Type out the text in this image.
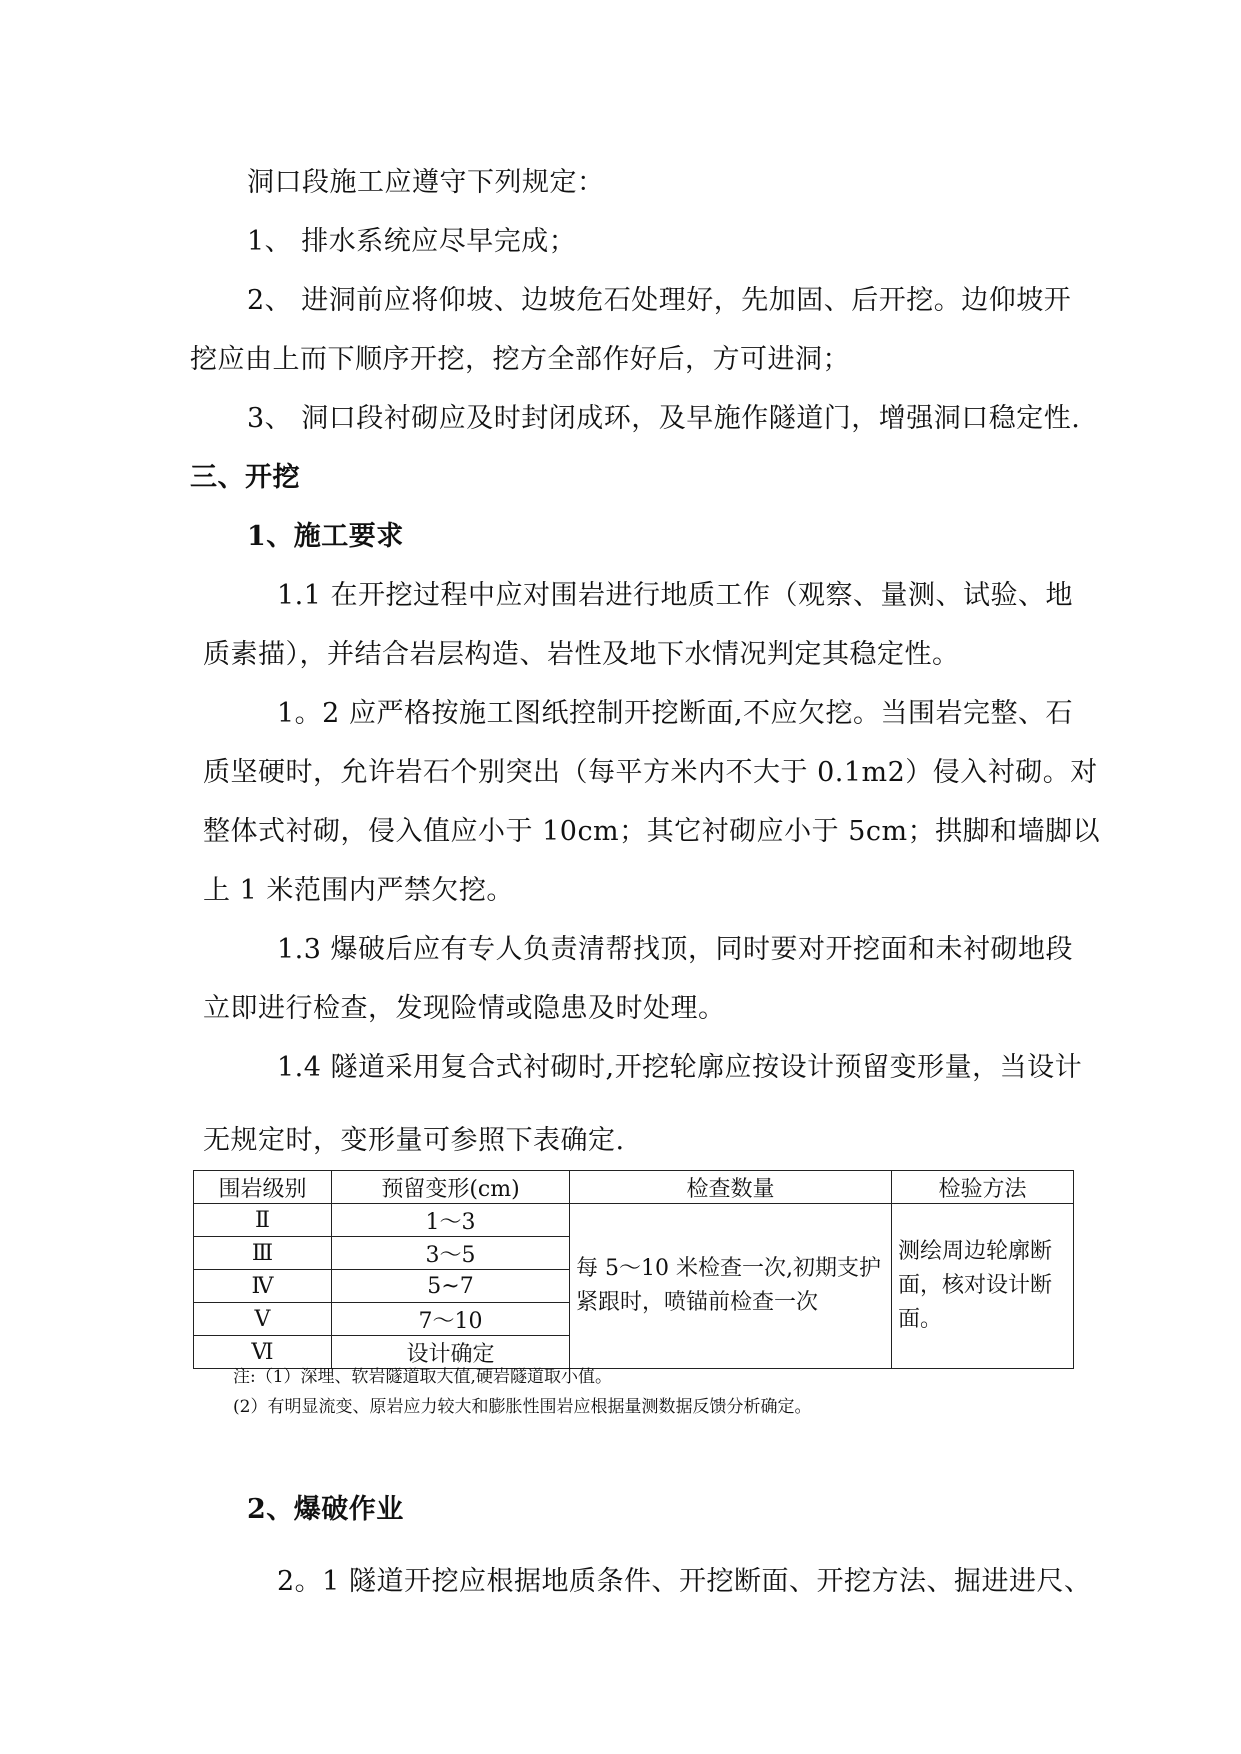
洞口段施工应遵守下列规定：
1、 排水系统应尽早完成；
2、 进洞前应将仰坡、边坡危石处理好，先加固、后开挖。边仰坡开
挖应由上而下顺序开挖，挖方全部作好后，方可进洞；
3、 洞口段衬砌应及时封闭成环，及早施作隧道门，增强洞口稳定性.
三、开挖
1、施工要求
1.1 在开挖过程中应对围岩进行地质工作（观察、量测、试验、地
质素描），并结合岩层构造、岩性及地下水情况判定其稳定性。
1。2 应严格按施工图纸控制开挖断面,不应欠挖。当围岩完整、石
质坚硬时，允许岩石个别突出（每平方米内不大于 0.1m2）侵入衬砌。对
整体式衬砌，侵入值应小于 10cm；其它衬砌应小于 5cm；拱脚和墙脚以
上 1 米范围内严禁欠挖。
1.3 爆破后应有专人负责清帮找顶，同时要对开挖面和未衬砌地段
立即进行检查，发现险情或隐患及时处理。
1.4 隧道采用复合式衬砌时,开挖轮廓应按设计预留变形量，当设计
无规定时，变形量可参照下表确定.
围岩级别	预留变形(cm)	检查数量	检验方法
Ⅱ	1～3	每 5～10 米检查一次,初期支护紧跟时，喷锚前检查一次	测绘周边轮廓断面，核对设计断面。
Ⅲ	3～5		
Ⅳ	5~7		
Ⅴ	7～10		
Ⅵ	设计确定		
注:（1）深埋、软岩隧道取大值,硬岩隧道取小值。
(2）有明显流变、原岩应力较大和膨胀性围岩应根据量测数据反馈分析确定。
2、爆破作业
2。1 隧道开挖应根据地质条件、开挖断面、开挖方法、掘进进尺、
